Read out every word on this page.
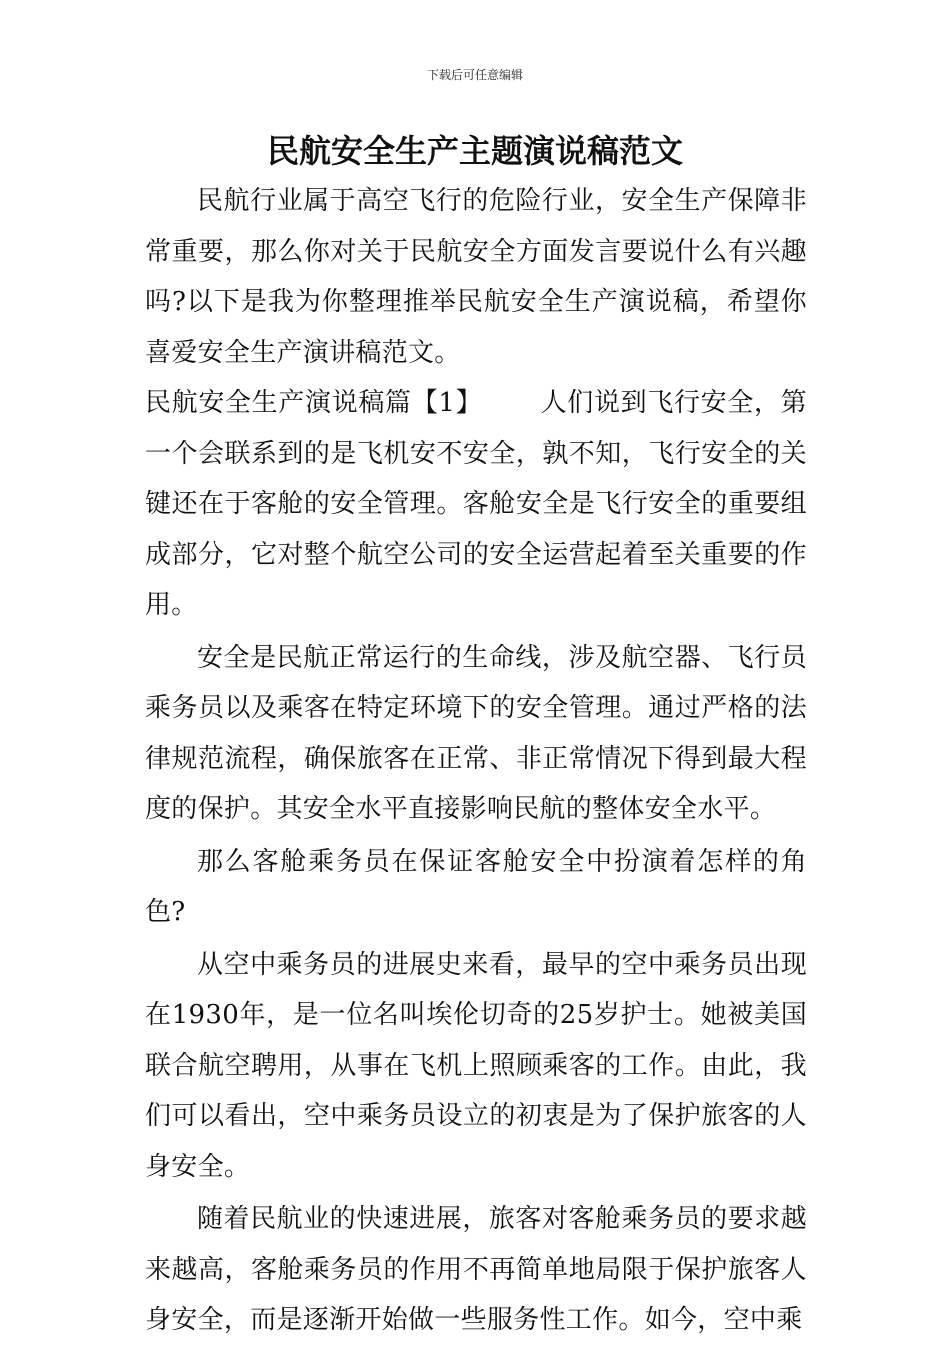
下载后可任意编辑
民航安全生产主题演说稿范文

民航行业属于高空飞行的危险行业，安全生产保障非常重要，那么你对关于民航安全方面发言要说什么有兴趣吗?以下是我为你整理推举民航安全生产演说稿，希望你喜爱安全生产演讲稿范文。

民航安全生产演说稿篇【1】 人们说到飞行安全，第一个会联系到的是飞机安不安全，孰不知，飞行安全的关键还在于客舱的安全管理。客舱安全是飞行安全的重要组成部分，它对整个航空公司的安全运营起着至关重要的作用。

安全是民航正常运行的生命线，涉及航空器、飞行员乘务员以及乘客在特定环境下的安全管理。通过严格的法律规范流程，确保旅客在正常、非正常情况下得到最大程度的保护。其安全水平直接影响民航的整体安全水平。

那么客舱乘务员在保证客舱安全中扮演着怎样的角色?

从空中乘务员的进展史来看，最早的空中乘务员出现在1930年，是一位名叫埃伦切奇的25岁护士。她被美国联合航空聘用，从事在飞机上照顾乘客的工作。由此，我们可以看出，空中乘务员设立的初衷是为了保护旅客的人身安全。

随着民航业的快速进展，旅客对客舱乘务员的要求越来越高，客舱乘务员的作用不再简单地局限于保护旅客人身安全，而是逐渐开始做一些服务性工作。如今，空中乘
